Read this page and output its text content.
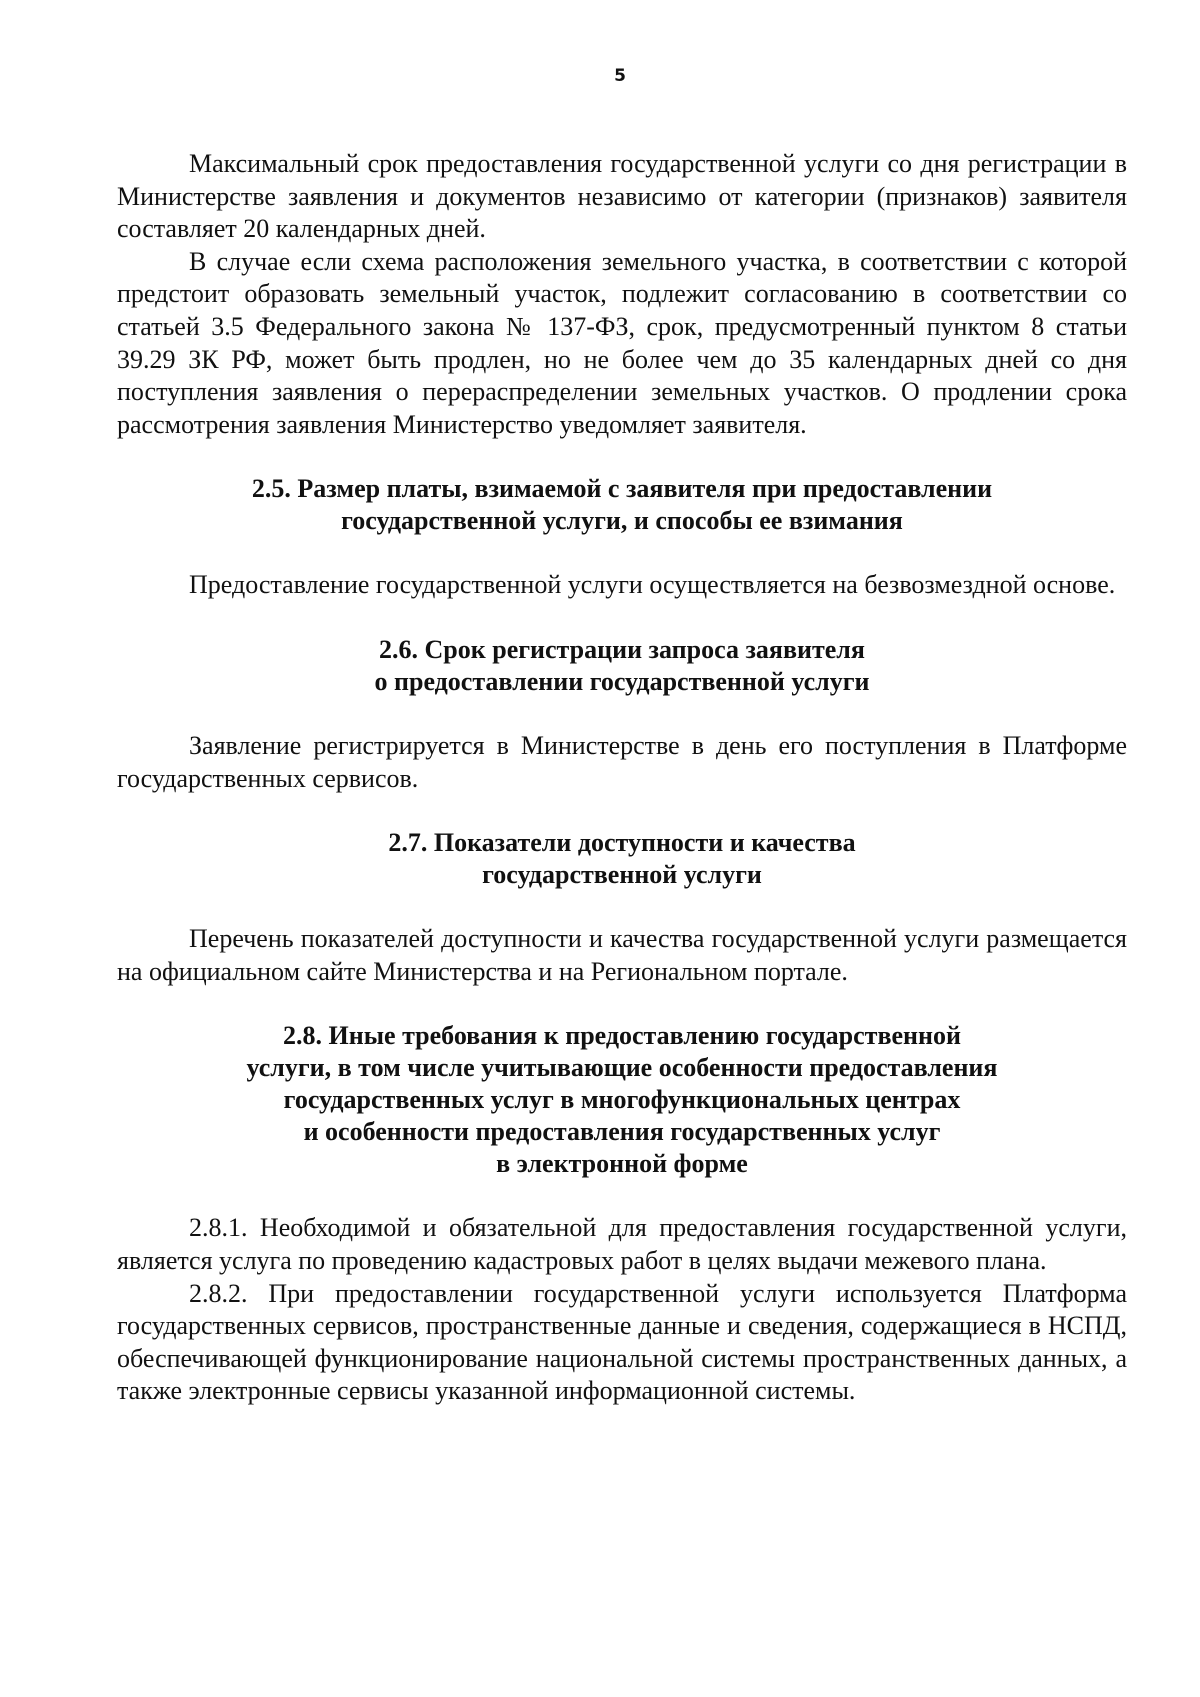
5

Максимальный срок предоставления государственной услуги со дня регистрации в Министерстве заявления и документов независимо от категории (признаков) заявителя составляет 20 календарных дней.

В случае если схема расположения земельного участка, в соответствии с которой предстоит образовать земельный участок, подлежит согласованию в соответствии со статьей 3.5 Федерального закона № 137-ФЗ, срок, предусмотренный пунктом 8 статьи 39.29 ЗК РФ, может быть продлен, но не более чем до 35 календарных дней со дня поступления заявления о перераспределении земельных участков. О продлении срока рассмотрения заявления Министерство уведомляет заявителя.

2.5. Размер платы, взимаемой с заявителя при предоставлении
государственной услуги, и способы ее взимания

Предоставление государственной услуги осуществляется на безвозмездной основе.

2.6. Срок регистрации запроса заявителя
о предоставлении государственной услуги

Заявление регистрируется в Министерстве в день его поступления в Платформе государственных сервисов.

2.7. Показатели доступности и качества
государственной услуги

Перечень показателей доступности и качества государственной услуги размещается на официальном сайте Министерства и на Региональном портале.

2.8. Иные требования к предоставлению государственной
услуги, в том числе учитывающие особенности предоставления
государственных услуг в многофункциональных центрах
и особенности предоставления государственных услуг
в электронной форме

2.8.1. Необходимой и обязательной для предоставления государственной услуги, является услуга по проведению кадастровых работ в целях выдачи межевого плана.

2.8.2. При предоставлении государственной услуги используется Платформа государственных сервисов, пространственные данные и сведения, содержащиеся в НСПД, обеспечивающей функционирование национальной системы пространственных данных, а также электронные сервисы указанной информационной системы.
